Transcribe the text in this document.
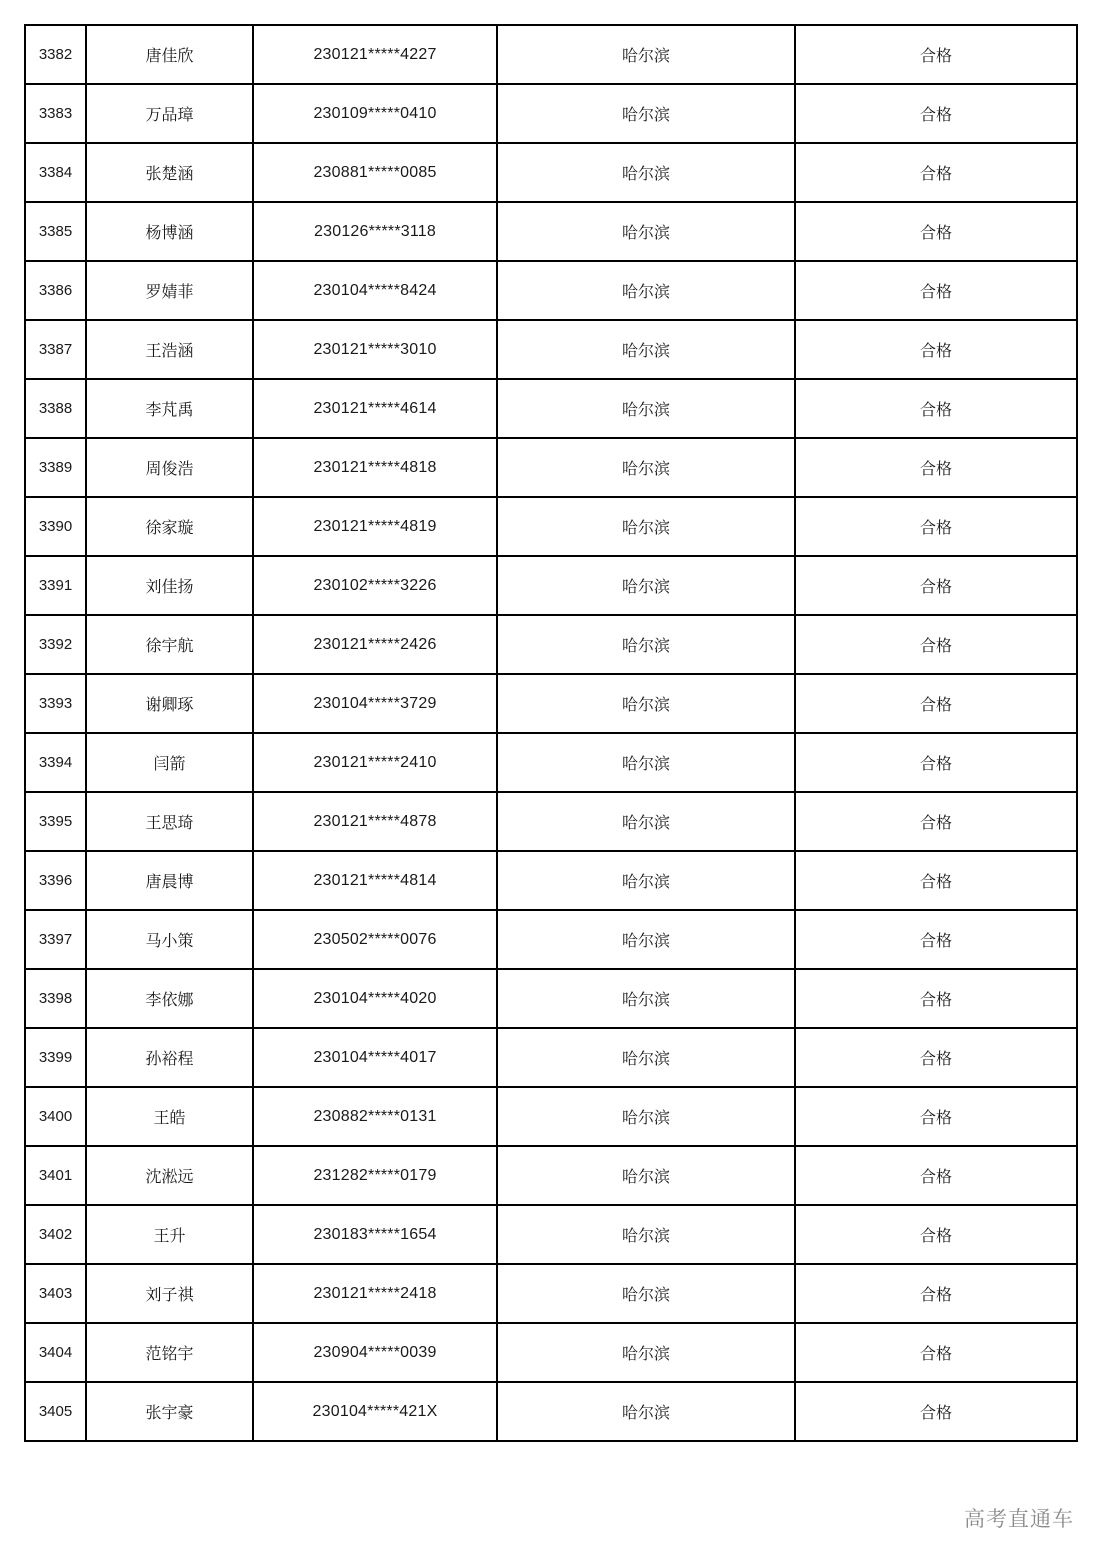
3382	唐佳欣	230121*****4227	哈尔滨	合格
3383	万品璋	230109*****0410	哈尔滨	合格
3384	张楚涵	230881*****0085	哈尔滨	合格
3385	杨博涵	230126*****3118	哈尔滨	合格
3386	罗婧菲	230104*****8424	哈尔滨	合格
3387	王浩涵	230121*****3010	哈尔滨	合格
3388	李芃禹	230121*****4614	哈尔滨	合格
3389	周俊浩	230121*****4818	哈尔滨	合格
3390	徐家璇	230121*****4819	哈尔滨	合格
3391	刘佳扬	230102*****3226	哈尔滨	合格
3392	徐宇航	230121*****2426	哈尔滨	合格
3393	谢卿琢	230104*****3729	哈尔滨	合格
3394	闫箭	230121*****2410	哈尔滨	合格
3395	王思琦	230121*****4878	哈尔滨	合格
3396	唐晨博	230121*****4814	哈尔滨	合格
3397	马小策	230502*****0076	哈尔滨	合格
3398	李依娜	230104*****4020	哈尔滨	合格
3399	孙裕程	230104*****4017	哈尔滨	合格
3400	王皓	230882*****0131	哈尔滨	合格
3401	沈淞远	231282*****0179	哈尔滨	合格
3402	王升	230183*****1654	哈尔滨	合格
3403	刘子祺	230121*****2418	哈尔滨	合格
3404	范铭宇	230904*****0039	哈尔滨	合格
3405	张宇豪	230104*****421X	哈尔滨	合格
高考直通车
